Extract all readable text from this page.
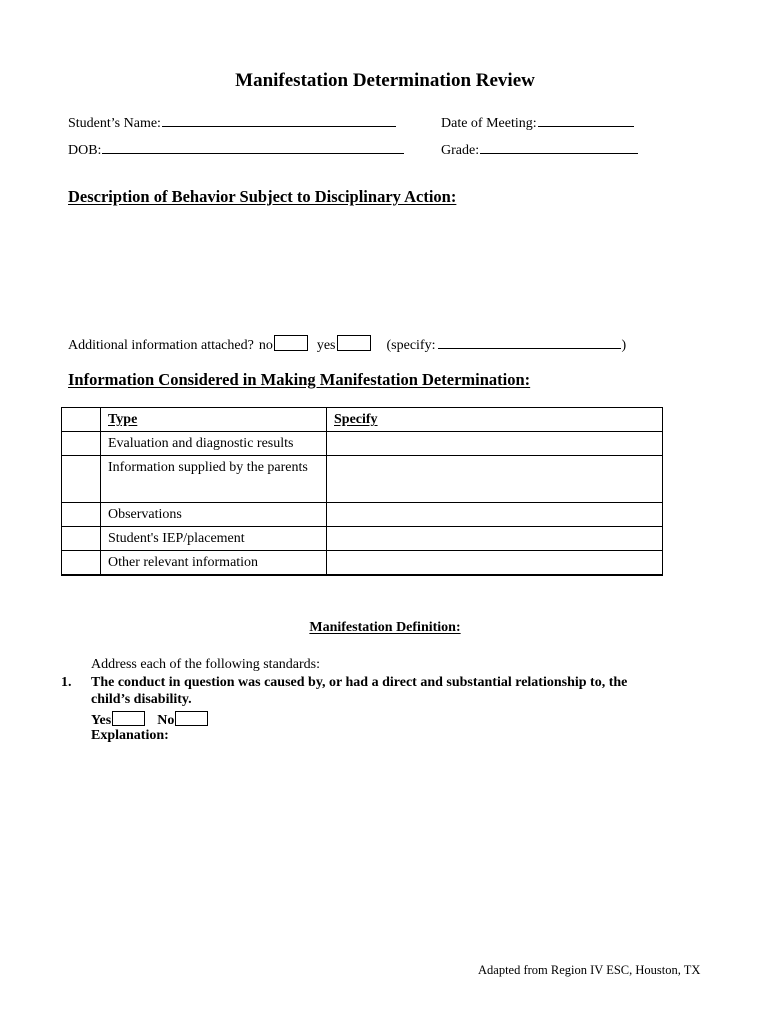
Manifestation Determination Review
Student’s Name:	Date of Meeting:
DOB:	Grade:
Description of Behavior Subject to Disciplinary Action:
Additional information attached? no	yes	(specify:	)
Information Considered in Making Manifestation Determination:
	Type	Specify
	Evaluation and diagnostic results	
	Information supplied by the parents	
	Observations	
	Student's IEP/placement	
	Other relevant information	

Manifestation Definition:
Address each of the following standards:
1. The conduct in question was caused by, or had a direct and substantial relationship to, the
child’s disability.
Yes	No
Explanation:
Adapted from Region IV ESC, Houston, TX
